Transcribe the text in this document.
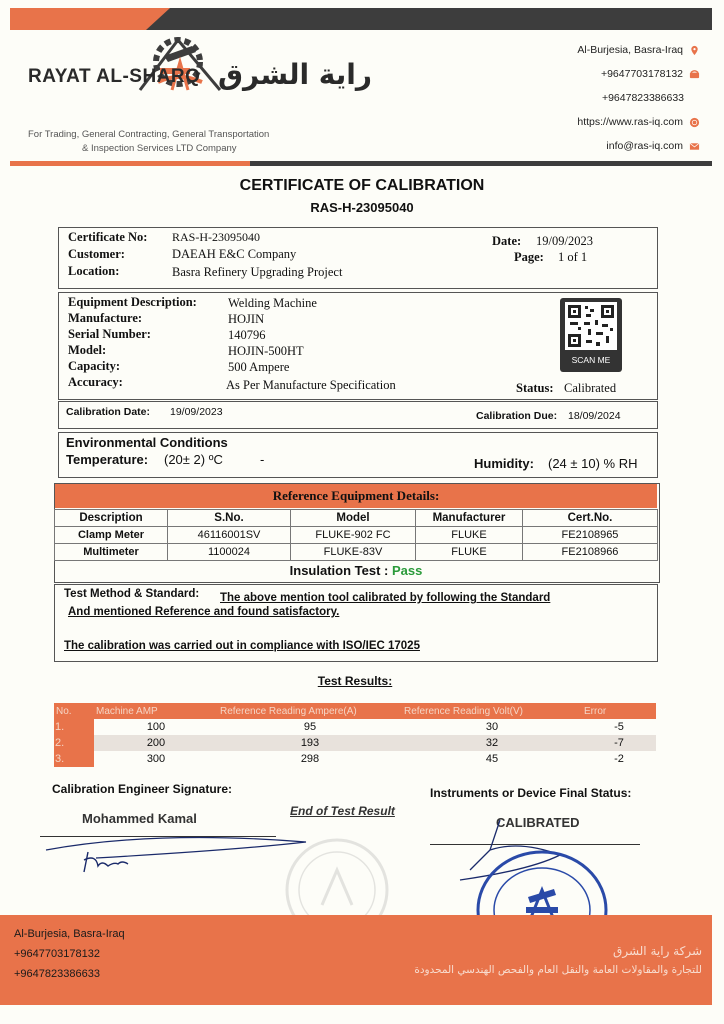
RAYAT AL-SHARQ راية الشرق
For Trading, General Contracting, General Transportation
& Inspection Services LTD Company
Al-Burjesia, Basra-Iraq
+9647703178132
+9647823386633
https://www.ras-iq.com
info@ras-iq.com
CERTIFICATE OF CALIBRATION
RAS-H-23095040
Certificate No: RAS-H-23095040
Customer:	DAEAH E&C Company
Location:	Basra Refinery Upgrading Project
Date: 19/09/2023
Page: 1 of 1
Equipment Description: Welding Machine
Manufacture:	HOJIN
Serial Number:	140796
Model:	HOJIN-500HT
Capacity:	500 Ampere
Accuracy:	As Per Manufacture Specification
SCAN ME
Status: Calibrated
Calibration Date: 19/09/2023	Calibration Due: 18/09/2024
Environmental Conditions
Temperature: (20± 2) ºC	-	Humidity: (24 ± 10) % RH
Reference Equipment Details:
Description	S.No.	Model	Manufacturer	Cert.No.
Clamp Meter	46116001SV	FLUKE-902 FC	FLUKE	FE2108965
Multimeter	1100024	FLUKE-83V	FLUKE	FE2108966
Insulation Test : Pass
Test Method & Standard: The above mention tool calibrated by following the Standard
And mentioned Reference and found satisfactory.
The calibration was carried out in compliance with ISO/IEC 17025
Test Results:
No.	Machine AMP	Reference Reading Ampere(A)	Reference Reading Volt(V)	Error
1.	100	95	30	-5
2.	200	193	32	-7
3.	300	298	45	-2
Calibration Engineer Signature:
Mohammed Kamal	End of Test Result
Instruments or Device Final Status:
CALIBRATED
Al-Burjesia, Basra-Iraq
+9647703178132
+9647823386633
شركة راية الشرق
للتجارة والمقاولات العامة والنقل العام والفحص الهندسي المحدودة
